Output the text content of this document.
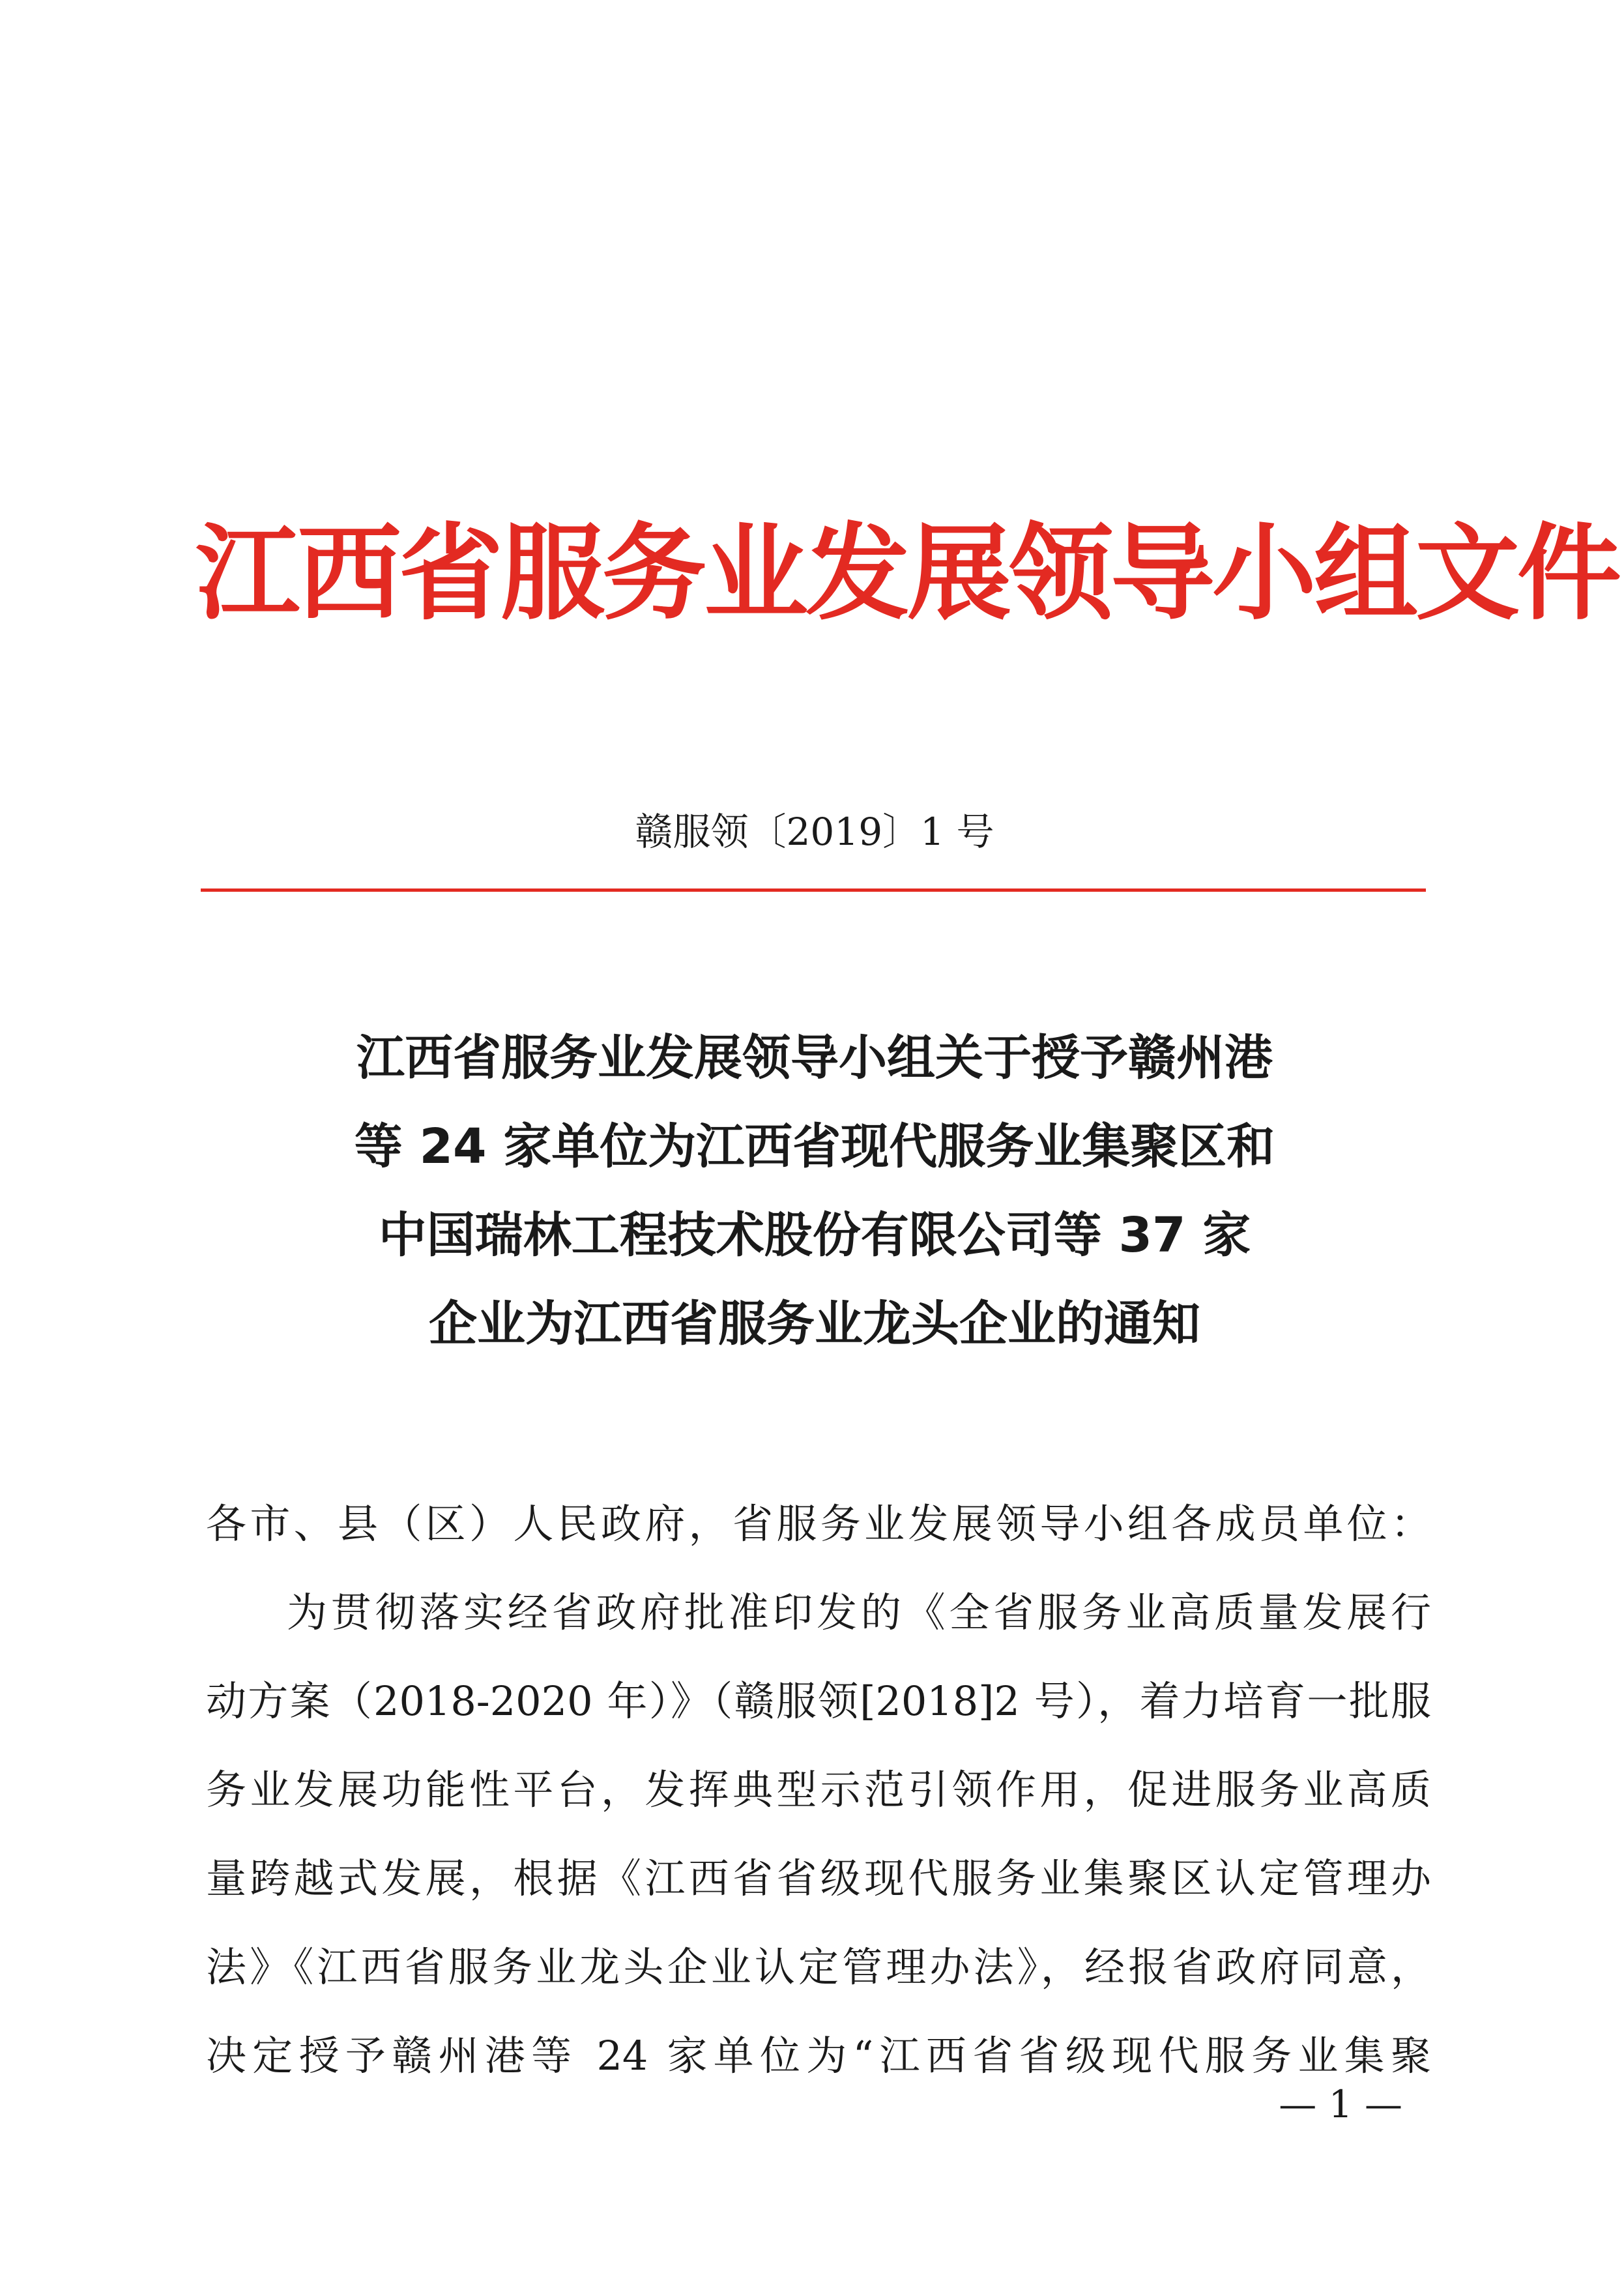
江西省服务业发展领导小组文件
赣服领〔2019〕1 号
江西省服务业发展领导小组关于授予赣州港
等 24 家单位为江西省现代服务业集聚区和
中国瑞林工程技术股份有限公司等 37 家
企业为江西省服务业龙头企业的通知
各市、县（区）人民政府，省服务业发展领导小组各成员单位：
为贯彻落实经省政府批准印发的《全省服务业高质量发展行
动方案（2018-2020 年）》（赣服领[2018]2 号），着力培育一批服
务业发展功能性平台，发挥典型示范引领作用，促进服务业高质
量跨越式发展，根据《江西省省级现代服务业集聚区认定管理办
法》《江西省服务业龙头企业认定管理办法》，经报省政府同意，
决定授予赣州港等 24 家单位为“江西省省级现代服务业集聚
— 1 —
